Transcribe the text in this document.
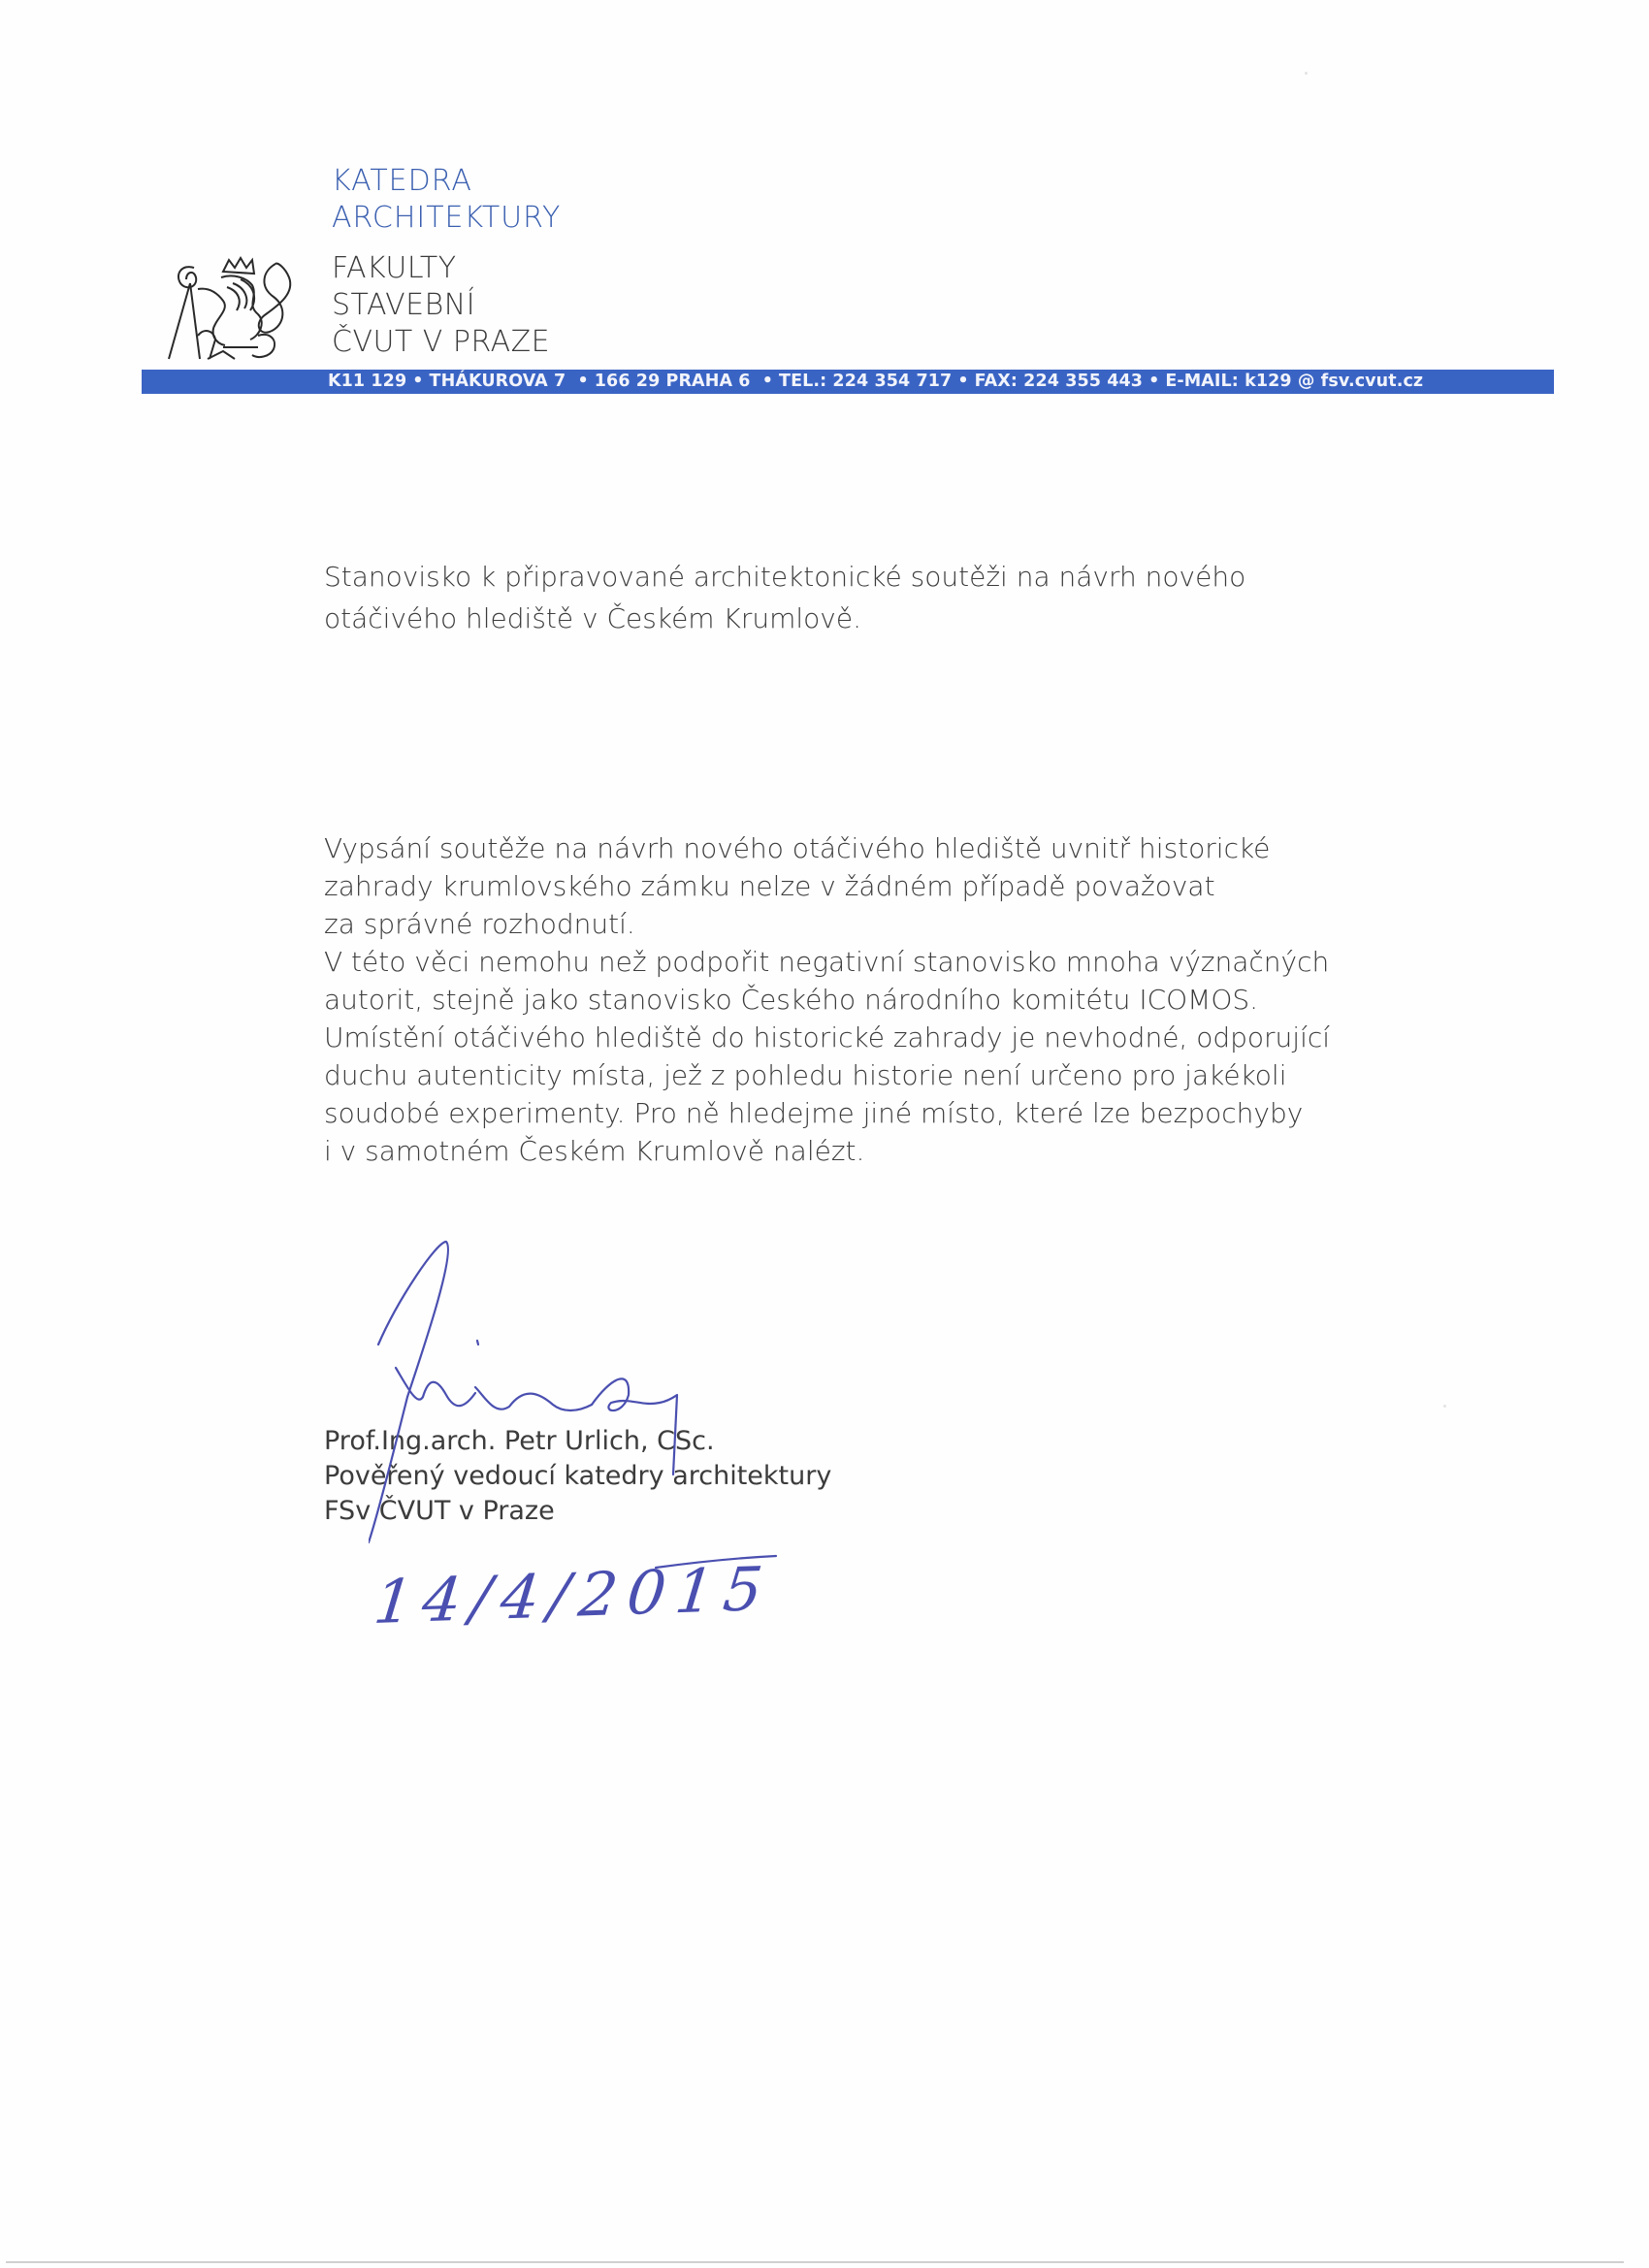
KATEDRA
ARCHITEKTURY
FAKULTY
STAVEBNÍ
ČVUT V PRAZE
K11 129 • THÁKUROVA 7 • 166 29 PRAHA 6 • TEL.: 224 354 717 • FAX: 224 355 443 • E-MAIL: k129 @ fsv.cvut.cz
Stanovisko k připravované architektonické soutěži na návrh nového
otáčivého hlediště v Českém Krumlově.
Vypsání soutěže na návrh nového otáčivého hlediště uvnitř historické
zahrady krumlovského zámku nelze v žádném případě považovat
za správné rozhodnutí.
V této věci nemohu než podpořit negativní stanovisko mnoha význačných
autorit, stejně jako stanovisko Českého národního komitétu ICOMOS.
Umístění otáčivého hlediště do historické zahrady je nevhodné, odporující
duchu autenticity místa, jež z pohledu historie není určeno pro jakékoli
soudobé experimenty. Pro ně hledejme jiné místo, které lze bezpochyby
i v samotném Českém Krumlově nalézt.
Prof.Ing.arch. Petr Urlich, CSc.
Pověřený vedoucí katedry architektury
FSv ČVUT v Praze
14/4/2015
